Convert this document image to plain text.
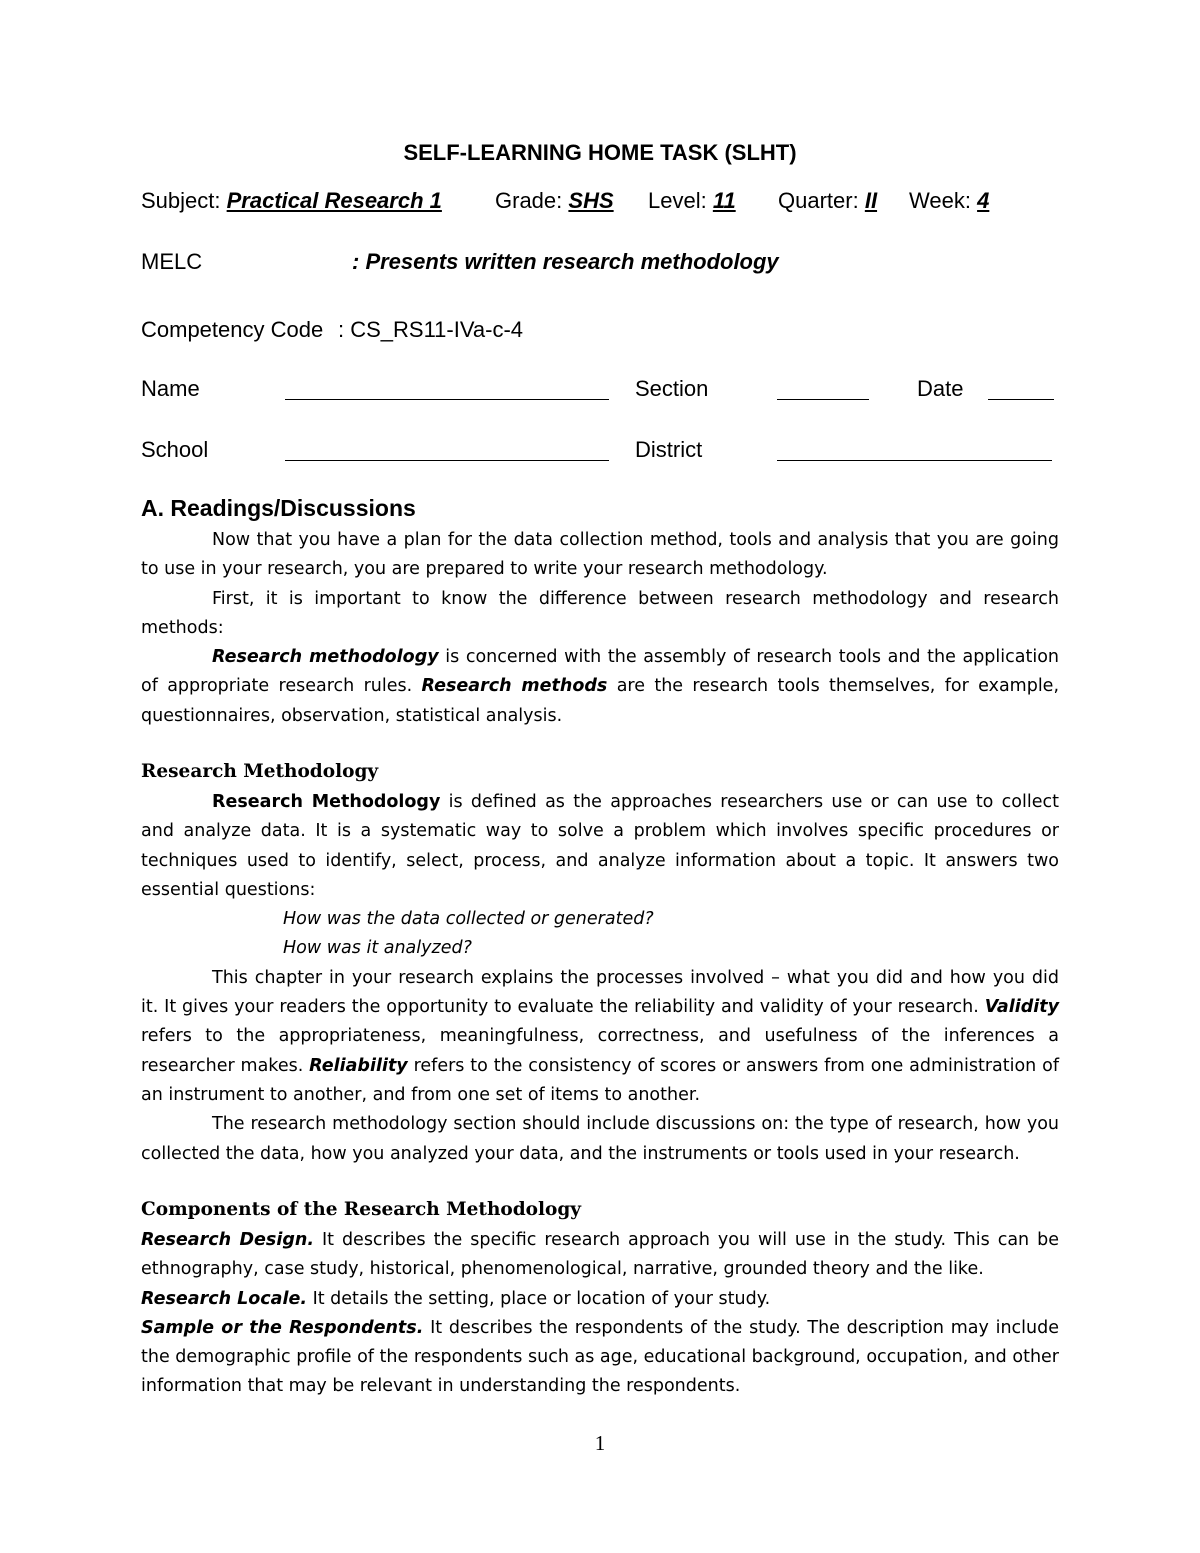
SELF-LEARNING HOME TASK (SLHT)
Subject: Practical Research 1 Grade: SHS Level: 11 Quarter: II Week: 4
MELC	: Presents written research methodology
Competency Code : CS_RS11-IVa-c-4
Name	Section	Date
School	District
A. Readings/Discussions

Now that you have a plan for the data collection method, tools and analysis that you are going to use in your research, you are prepared to write your research methodology.

First, it is important to know the difference between research methodology and research methods:

Research methodology is concerned with the assembly of research tools and the application of appropriate research rules. Research methods are the research tools themselves, for example, questionnaires, observation, statistical analysis.

Research Methodology

Research Methodology is defined as the approaches researchers use or can use to collect and analyze data. It is a systematic way to solve a problem which involves specific procedures or techniques used to identify, select, process, and analyze information about a topic. It answers two essential questions:

How was the data collected or generated?

How was it analyzed?

This chapter in your research explains the processes involved – what you did and how you did it. It gives your readers the opportunity to evaluate the reliability and validity of your research. Validity refers to the appropriateness, meaningfulness, correctness, and usefulness of the inferences a researcher makes. Reliability refers to the consistency of scores or answers from one administration of an instrument to another, and from one set of items to another.

The research methodology section should include discussions on: the type of research, how you collected the data, how you analyzed your data, and the instruments or tools used in your research.

Components of the Research Methodology

Research Design. It describes the specific research approach you will use in the study. This can be ethnography, case study, historical, phenomenological, narrative, grounded theory and the like.

Research Locale. It details the setting, place or location of your study.

Sample or the Respondents. It describes the respondents of the study. The description may include the demographic profile of the respondents such as age, educational background, occupation, and other information that may be relevant in understanding the respondents.

1
